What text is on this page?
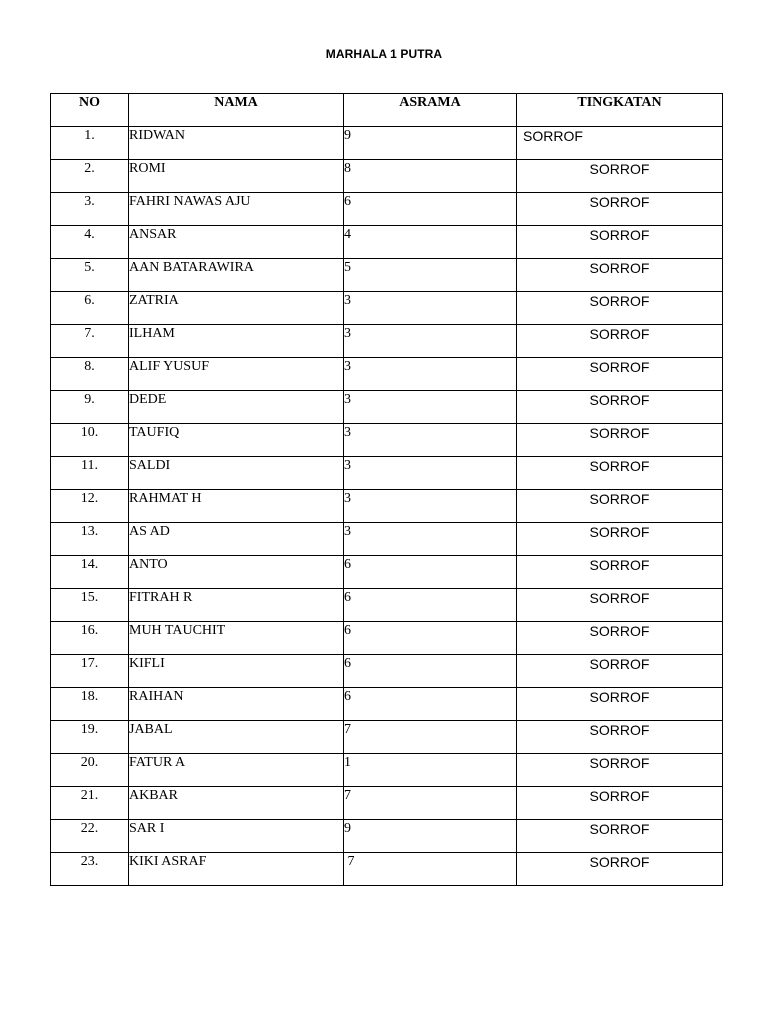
MARHALA 1 PUTRA
NO	NAMA	ASRAMA	TINGKATAN
1.	RIDWAN	9	SORROF
2.	ROMI	8	SORROF
3.	FAHRI NAWAS AJU	6	SORROF
4.	ANSAR	4	SORROF
5.	AAN BATARAWIRA	5	SORROF
6.	ZATRIA	3	SORROF
7.	ILHAM	3	SORROF
8.	ALIF YUSUF	3	SORROF
9.	DEDE	3	SORROF
10.	TAUFIQ	3	SORROF
11.	SALDI	3	SORROF
12.	RAHMAT H	3	SORROF
13.	AS AD	3	SORROF
14.	ANTO	6	SORROF
15.	FITRAH R	6	SORROF
16.	MUH TAUCHIT	6	SORROF
17.	KIFLI	6	SORROF
18.	RAIHAN	6	SORROF
19.	JABAL	7	SORROF
20.	FATUR A	1	SORROF
21.	AKBAR	7	SORROF
22.	SAR I	9	SORROF
23.	KIKI ASRAF	7	SORROF
